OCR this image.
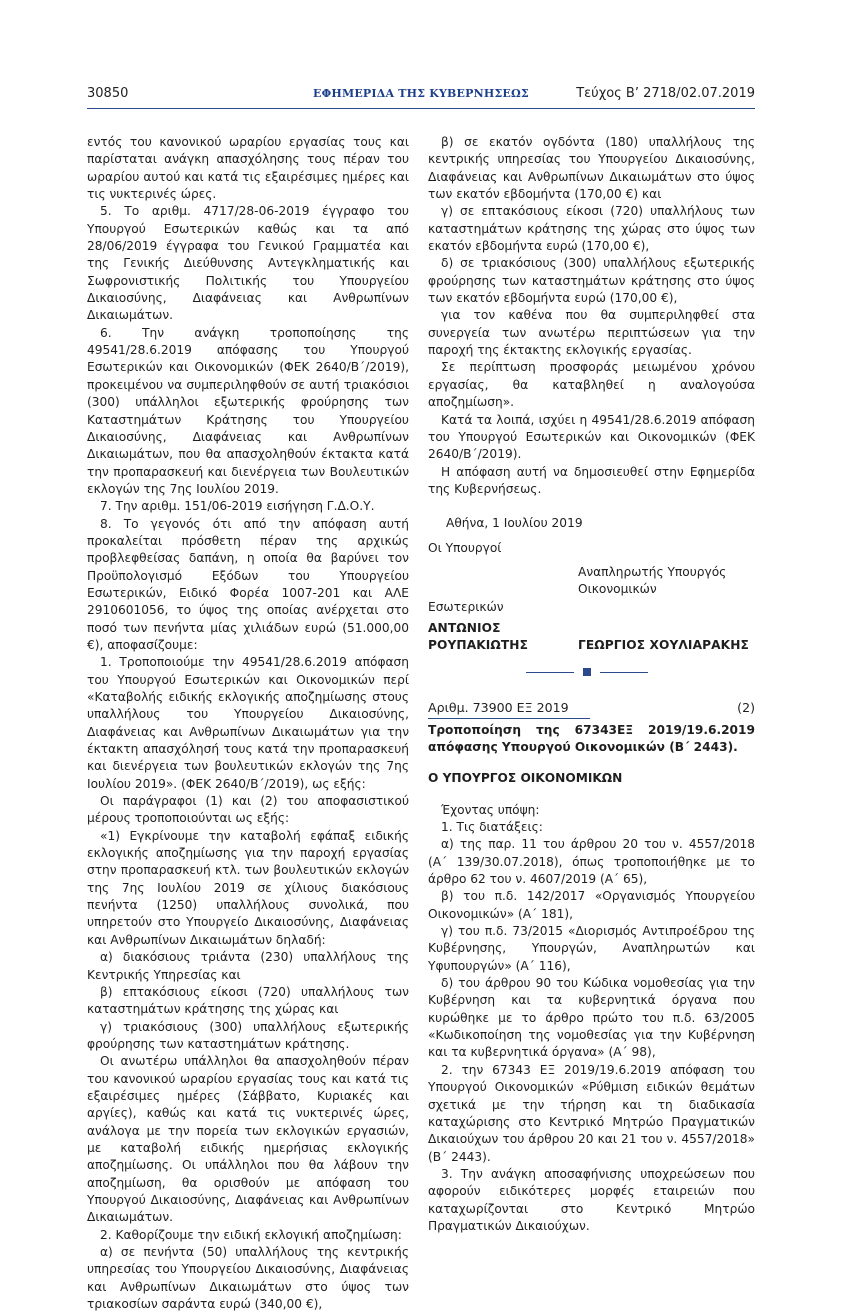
30850	ΕΦΗΜΕΡΙΔΑ ΤΗΣ ΚΥΒΕΡΝΗΣΕΩΣ	Τεύχος Β’ 2718/02.07.2019

εντός του κανονικού ωραρίου εργασίας τους και παρίσταται ανάγκη απασχόλησης τους πέραν του ωραρίου αυτού και κατά τις εξαιρέσιμες ημέρες και τις νυκτερινές ώρες.

5. Το αριθμ. 4717/28-06-2019 έγγραφο του Υπουργού Εσωτερικών καθώς και τα από 28/06/2019 έγγραφα του Γενικού Γραμματέα και της Γενικής Διεύθυνσης Αντεγκληματικής και Σωφρονιστικής Πολιτικής του Υπουργείου Δικαιοσύνης, Διαφάνειας και Ανθρωπίνων Δικαιωμάτων.

6. Την ανάγκη τροποποίησης της 49541/28.6.2019 απόφασης του Υπουργού Εσωτερικών και Οικονομικών (ΦΕΚ 2640/Β΄/2019), προκειμένου να συμπεριληφθούν σε αυτή τριακόσιοι (300) υπάλληλοι εξωτερικής φρούρησης των Καταστημάτων Κράτησης του Υπουργείου Δικαιοσύνης, Διαφάνειας και Ανθρωπίνων Δικαιωμάτων, που θα απασχοληθούν έκτακτα κατά την προπαρασκευή και διενέργεια των Βουλευτικών εκλογών της 7ης Ιουλίου 2019.

7. Την αριθμ. 151/06-2019 εισήγηση Γ.Δ.Ο.Υ.

8. Το γεγονός ότι από την απόφαση αυτή προκαλείται πρόσθετη πέραν της αρχικώς προβλεφθείσας δαπάνη, η οποία θα βαρύνει τον Προϋπολογισμό Εξόδων του Υπουργείου Εσωτερικών, Ειδικό Φορέα 1007-201 και ΑΛΕ 2910601056, το ύψος της οποίας ανέρχεται στο ποσό των πενήντα μίας χιλιάδων ευρώ (51.000,00 €), αποφασίζουμε:

1. Τροποποιούμε την 49541/28.6.2019 απόφαση του Υπουργού Εσωτερικών και Οικονομικών περί «Καταβολής ειδικής εκλογικής αποζημίωσης στους υπαλλήλους του Υπουργείου Δικαιοσύνης, Διαφάνειας και Ανθρωπίνων Δικαιωμάτων για την έκτακτη απασχόλησή τους κατά την προπαρασκευή και διενέργεια των βουλευτικών εκλογών της 7ης Ιουλίου 2019». (ΦΕΚ 2640/Β΄/2019), ως εξής:

Οι παράγραφοι (1) και (2) του αποφασιστικού μέρους τροποποιούνται ως εξής:

«1) Εγκρίνουμε την καταβολή εφάπαξ ειδικής εκλογικής αποζημίωσης για την παροχή εργασίας στην προπαρασκευή κτλ. των βουλευτικών εκλογών της 7ης Ιουλίου 2019 σε χίλιους διακόσιους πενήντα (1250) υπαλλήλους συνολικά, που υπηρετούν στο Υπουργείο Δικαιοσύνης, Διαφάνειας και Ανθρωπίνων Δικαιωμάτων δηλαδή:

α) διακόσιους τριάντα (230) υπαλλήλους της Κεντρικής Υπηρεσίας και

β) επτακόσιους είκοσι (720) υπαλλήλους των καταστημάτων κράτησης της χώρας και

γ) τριακόσιους (300) υπαλλήλους εξωτερικής φρούρησης των καταστημάτων κράτησης.

Οι ανωτέρω υπάλληλοι θα απασχοληθούν πέραν του κανονικού ωραρίου εργασίας τους και κατά τις εξαιρέσιμες ημέρες (Σάββατο, Κυριακές και αργίες), καθώς και κατά τις νυκτερινές ώρες, ανάλογα με την πορεία των εκλογικών εργασιών, με καταβολή ειδικής ημερήσιας εκλογικής αποζημίωσης. Οι υπάλληλοι που θα λάβουν την αποζημίωση, θα ορισθούν με απόφαση του Υπουργού Δικαιοσύνης, Διαφάνειας και Ανθρωπίνων Δικαιωμάτων.

2. Καθορίζουμε την ειδική εκλογική αποζημίωση:

α) σε πενήντα (50) υπαλλήλους της κεντρικής υπηρεσίας του Υπουργείου Δικαιοσύνης, Διαφάνειας και Ανθρωπίνων Δικαιωμάτων στο ύψος των τριακοσίων σαράντα ευρώ (340,00 €),

β) σε εκατόν ογδόντα (180) υπαλλήλους της κεντρικής υπηρεσίας του Υπουργείου Δικαιοσύνης, Διαφάνειας και Ανθρωπίνων Δικαιωμάτων στο ύψος των εκατόν εβδομήντα (170,00 €) και

γ) σε επτακόσιους είκοσι (720) υπαλλήλους των καταστημάτων κράτησης της χώρας στο ύψος των εκατόν εβδομήντα ευρώ (170,00 €),

δ) σε τριακόσιους (300) υπαλλήλους εξωτερικής φρούρησης των καταστημάτων κράτησης στο ύψος των εκατόν εβδομήντα ευρώ (170,00 €),

για τον καθένα που θα συμπεριληφθεί στα συνεργεία των ανωτέρω περιπτώσεων για την παροχή της έκτακτης εκλογικής εργασίας.

Σε περίπτωση προσφοράς μειωμένου χρόνου εργασίας, θα καταβληθεί η αναλογούσα αποζημίωση».

Κατά τα λοιπά, ισχύει η 49541/28.6.2019 απόφαση του Υπουργού Εσωτερικών και Οικονομικών (ΦΕΚ 2640/Β΄/2019).

Η απόφαση αυτή να δημοσιευθεί στην Εφημερίδα της Κυβερνήσεως.

Αθήνα, 1 Ιουλίου 2019

Οι Υπουργοί

	Αναπληρωτής Υπουργός
Οικονομικών

Εσωτερικών	
ΑΝΤΩΝΙΟΣ ΡΟΥΠΑΚΙΩΤΗΣ	ΓΕΩΡΓΙΟΣ ΧΟΥΛΙΑΡΑΚΗΣ
Αριθμ. 73900 ΕΞ 2019	(2)

Τροποποίηση της 67343ΕΞ 2019/19.6.2019 απόφασης Υπουργού Οικονομικών (Β΄ 2443).

Ο ΥΠΟΥΡΓΟΣ ΟΙΚΟΝΟΜΙΚΩΝ

Έχοντας υπόψη:

1. Τις διατάξεις:

α) της παρ. 11 του άρθρου 20 του ν. 4557/2018 (Α΄ 139/30.07.2018), όπως τροποποιήθηκε με το άρθρο 62 του ν. 4607/2019 (Α΄ 65),

β) του π.δ. 142/2017 «Οργανισμός Υπουργείου Οικονομικών» (Α΄ 181),

γ) του π.δ. 73/2015 «Διορισμός Αντιπροέδρου της Κυβέρνησης, Υπουργών, Αναπληρωτών και Υφυπουργών» (Α΄ 116),

δ) του άρθρου 90 του Κώδικα νομοθεσίας για την Κυβέρνηση και τα κυβερνητικά όργανα που κυρώθηκε με το άρθρο πρώτο του π.δ. 63/2005 «Κωδικοποίηση της νομοθεσίας για την Κυβέρνηση και τα κυβερνητικά όργανα» (Α΄ 98),

2. την 67343 ΕΞ 2019/19.6.2019 απόφαση του Υπουργού Οικονομικών «Ρύθμιση ειδικών θεμάτων σχετικά με την τήρηση και τη διαδικασία καταχώρισης στο Κεντρικό Μητρώο Πραγματικών Δικαιούχων του άρθρου 20 και 21 του ν. 4557/2018» (Β΄ 2443).

3. Την ανάγκη αποσαφήνισης υποχρεώσεων που αφορούν ειδικότερες μορφές εταιρειών που καταχωρίζονται στο Κεντρικό Μητρώο Πραγματικών Δικαιούχων.
